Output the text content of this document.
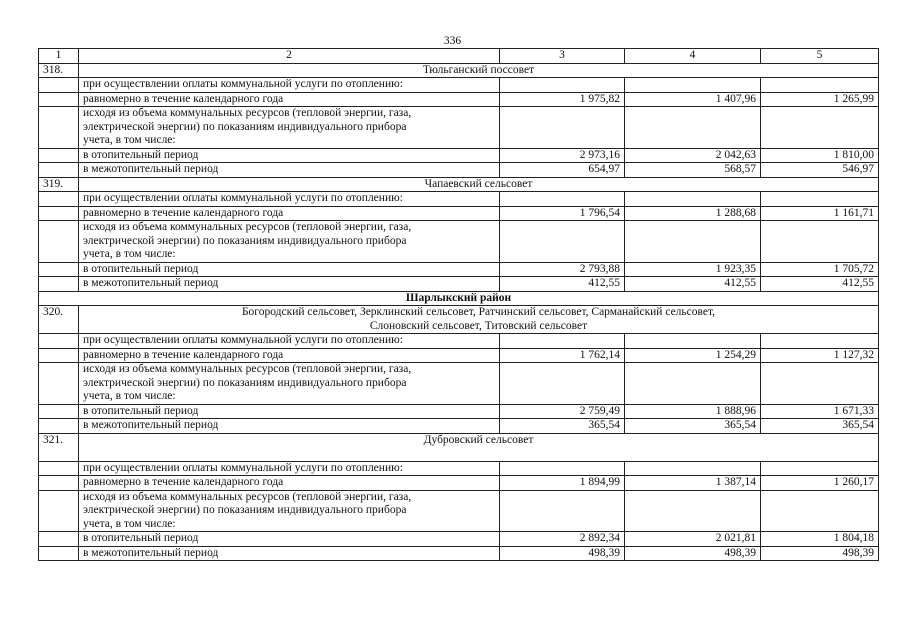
336
1	2	3	4	5
318.	Тюльганский поссовет			
	при осуществлении оплаты коммунальной услуги по отоплению:			
	равномерно в течение календарного года	1 975,82	1 407,96	1 265,99

	исходя из объема коммунальных ресурсов (тепловой энергии, газа,
электрической энергии) по показаниям индивидуального прибора
учета, в том числе:			

	в отопительный период	2 973,16	2 042,63	1 810,00
	в межотопительный период	654,97	568,57	546,97
319.	Чапаевский сельсовет			
	при осуществлении оплаты коммунальной услуги по отоплению:			
	равномерно в течение календарного года	1 796,54	1 288,68	1 161,71

	исходя из объема коммунальных ресурсов (тепловой энергии, газа,
электрической энергии) по показаниям индивидуального прибора
учета, в том числе:			

	в отопительный период	2 793,88	1 923,35	1 705,72
	в межотопительный период	412,55	412,55	412,55
Шарлыкский район				
320.	Богородский сельсовет, Зерклинский сельсовет, Ратчинский сельсовет, Сарманайский сельсовет,
Слоновский сельсовет, Титовский сельсовет			

	при осуществлении оплаты коммунальной услуги по отоплению:			
	равномерно в течение календарного года	1 762,14	1 254,29	1 127,32

	исходя из объема коммунальных ресурсов (тепловой энергии, газа,
электрической энергии) по показаниям индивидуального прибора
учета, в том числе:			

	в отопительный период	2 759,49	1 888,96	1 671,33
	в межотопительный период	365,54	365,54	365,54
321.	Дубровский сельсовет			

	при осуществлении оплаты коммунальной услуги по отоплению:			
	равномерно в течение календарного года	1 894,99	1 387,14	1 260,17

	исходя из объема коммунальных ресурсов (тепловой энергии, газа,
электрической энергии) по показаниям индивидуального прибора
учета, в том числе:			

	в отопительный период	2 892,34	2 021,81	1 804,18
	в межотопительный период	498,39	498,39	498,39
